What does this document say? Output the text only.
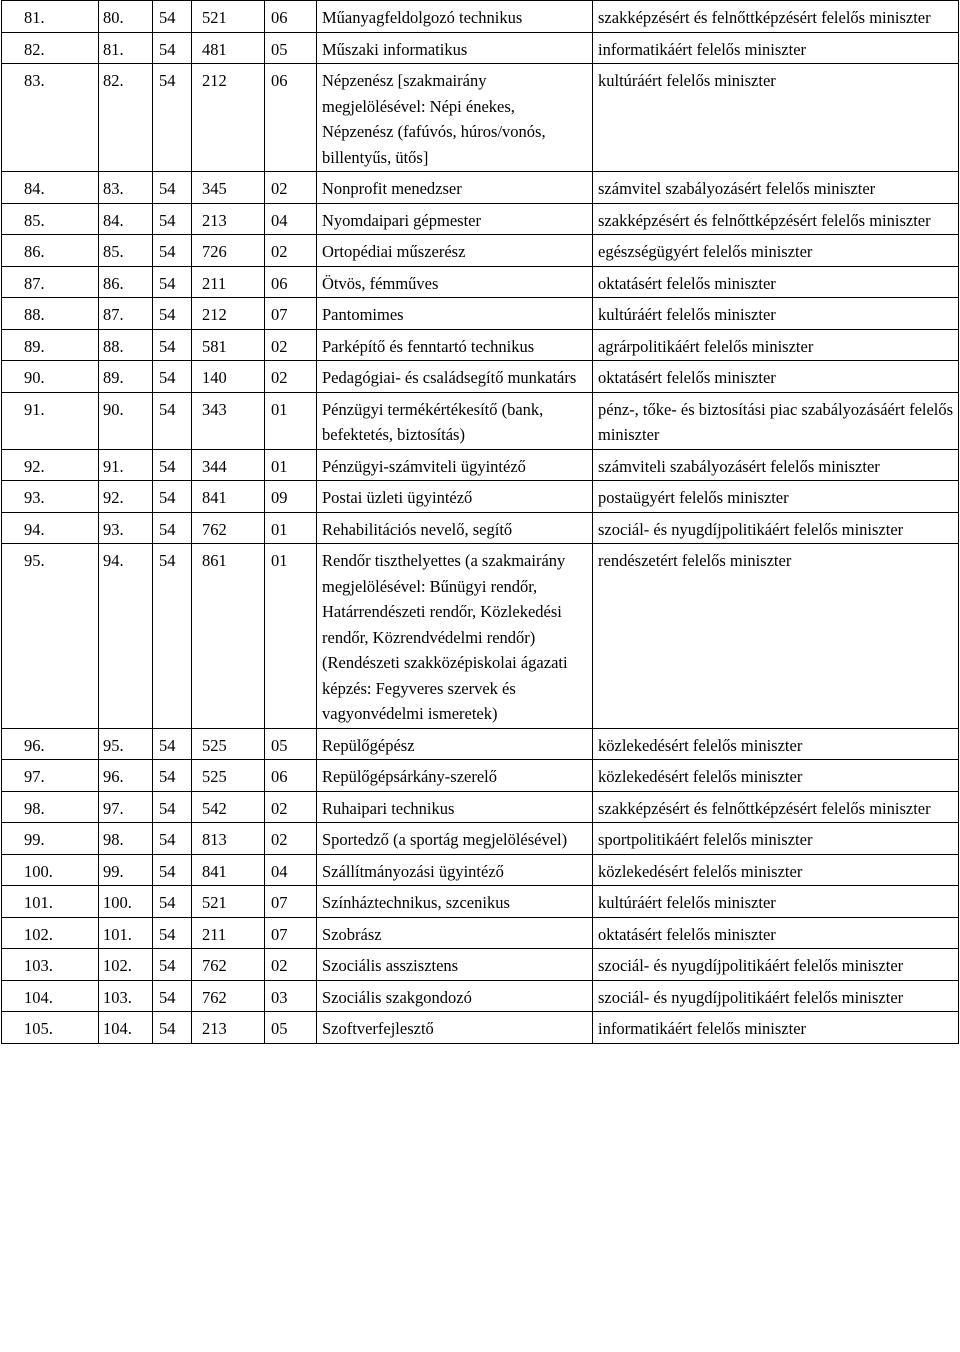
81.	80.	54	521	06	Műanyagfeldolgozó technikus	szakképzésért és felnőttképzésért felelős miniszter
82.	81.	54	481	05	Műszaki informatikus	informatikáért felelős miniszter
83.	82.	54	212	06	Népzenész [szakmairány megjelölésével: Népi énekes, Népzenész (fafúvós, húros/vonós, billentyűs, ütős]	kultúráért felelős miniszter
84.	83.	54	345	02	Nonprofit menedzser	számvitel szabályozásért felelős miniszter
85.	84.	54	213	04	Nyomdaipari gépmester	szakképzésért és felnőttképzésért felelős miniszter
86.	85.	54	726	02	Ortopédiai műszerész	egészségügyért felelős miniszter
87.	86.	54	211	06	Ötvös, fémműves	oktatásért felelős miniszter
88.	87.	54	212	07	Pantomimes	kultúráért felelős miniszter
89.	88.	54	581	02	Parképítő és fenntartó technikus	agrárpolitikáért felelős miniszter
90.	89.	54	140	02	Pedagógiai- és családsegítő munkatárs	oktatásért felelős miniszter
91.	90.	54	343	01	Pénzügyi termékértékesítő (bank, befektetés, biztosítás)	pénz-, tőke- és biztosítási piac szabályozásáért felelős miniszter
92.	91.	54	344	01	Pénzügyi-számviteli ügyintéző	számviteli szabályozásért felelős miniszter
93.	92.	54	841	09	Postai üzleti ügyintéző	postaügyért felelős miniszter
94.	93.	54	762	01	Rehabilitációs nevelő, segítő	szociál- és nyugdíjpolitikáért felelős miniszter
95.	94.	54	861	01	Rendőr tiszthelyettes (a szakmairány megjelölésével: Bűnügyi rendőr, Határrendészeti rendőr, Közlekedési rendőr, Közrendvédelmi rendőr) (Rendészeti szakközépiskolai ágazati képzés: Fegyveres szervek és vagyonvédelmi ismeretek)	rendészetért felelős miniszter
96.	95.	54	525	05	Repülőgépész	közlekedésért felelős miniszter
97.	96.	54	525	06	Repülőgépsárkány-szerelő	közlekedésért felelős miniszter
98.	97.	54	542	02	Ruhaipari technikus	szakképzésért és felnőttképzésért felelős miniszter
99.	98.	54	813	02	Sportedző (a sportág megjelölésével)	sportpolitikáért felelős miniszter
100.	99.	54	841	04	Szállítmányozási ügyintéző	közlekedésért felelős miniszter
101.	100.	54	521	07	Színháztechnikus, szcenikus	kultúráért felelős miniszter
102.	101.	54	211	07	Szobrász	oktatásért felelős miniszter
103.	102.	54	762	02	Szociális asszisztens	szociál- és nyugdíjpolitikáért felelős miniszter
104.	103.	54	762	03	Szociális szakgondozó	szociál- és nyugdíjpolitikáért felelős miniszter
105.	104.	54	213	05	Szoftverfejlesztő	informatikáért felelős miniszter
